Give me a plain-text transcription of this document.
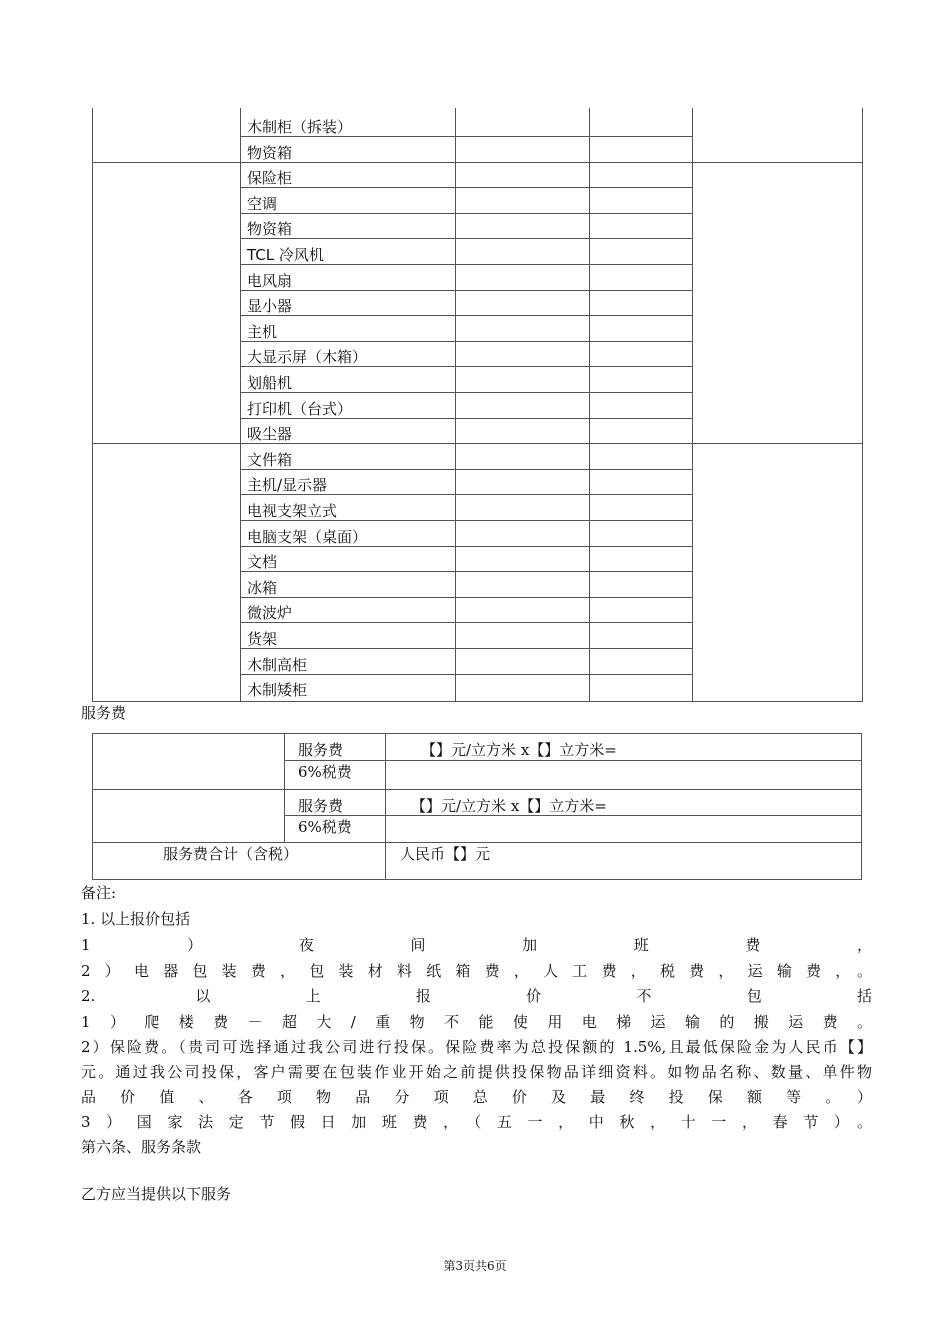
木制柜（拆装）
物资箱
保险柜
空调
物资箱
TCL 冷风机
电风扇
显小器
主机
大显示屏（木箱）
划船机
打印机（台式）
吸尘器
文件箱
主机/显示器
电视支架立式
电脑支架（桌面）
文档
冰箱
微波炉
货架
木制高柜
木制矮柜
服务费
服务费	【】元/立方米 x【】立方米=
6%税费
服务费	【】元/立方米 x【】立方米=
6%税费
服务费合计（含税）	人民币【】元
备注:
1. 以上报价包括
1）夜间加班费，
2）电器包装费，包装材料纸箱费，人工费，税费，运输费，。
2. 以上报价不包括
1）爬楼费－超大/重物不能使用电梯运输的搬运费。
2）保险费。（贵司可选择通过我公司进行投保。保险费率为总投保额的 1.5%,且最低保险金为人民币【】
元。通过我公司投保，客户需要在包装作业开始之前提供投保物品详细资料。如物品名称、数量、单件物
品价值、各项物品分项总价及最终投保额等。）
3）国家法定节假日加班费，（五一，中秋，十一，春节）。
第六条、服务条款
乙方应当提供以下服务
第3页共6页
